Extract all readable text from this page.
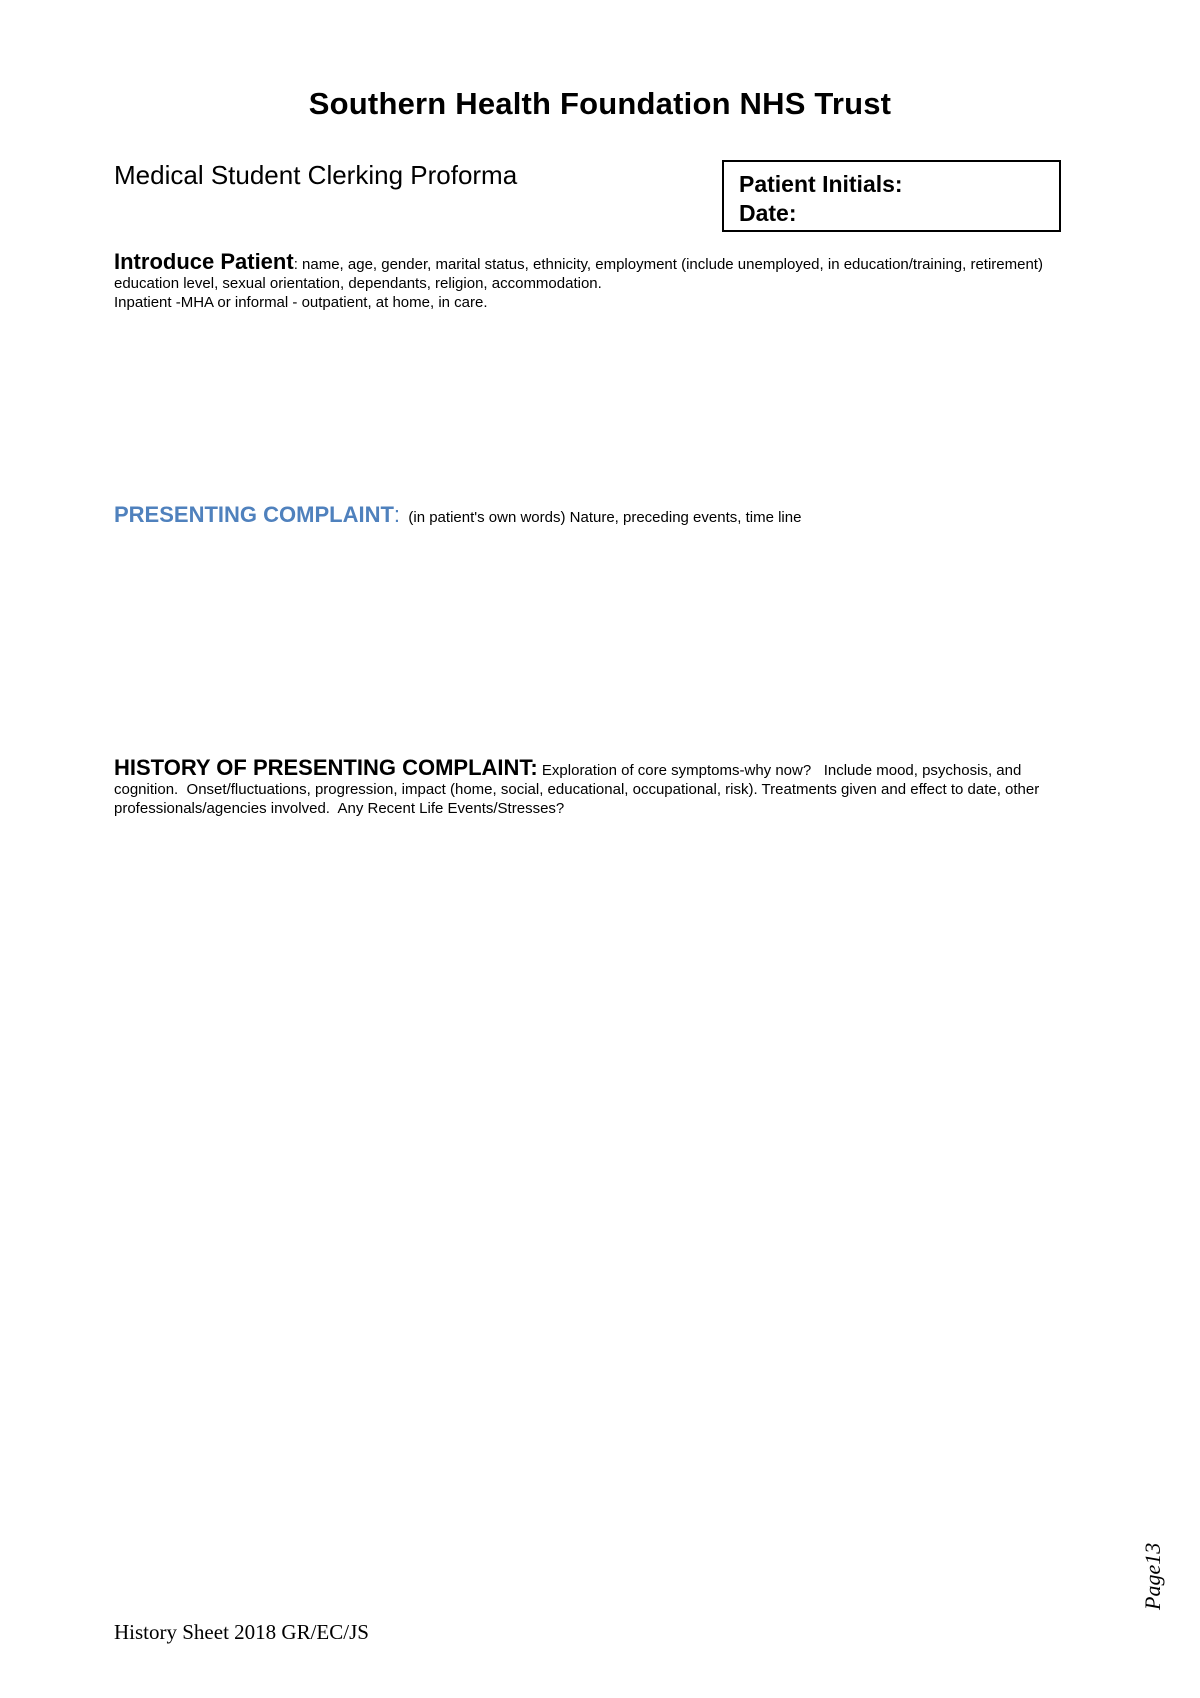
Southern Health Foundation NHS Trust
Medical Student Clerking Proforma	Patient Initials:
Date:
Introduce Patient: name, age, gender, marital status, ethnicity, employment (include unemployed, in education/training, retirement) education level, sexual orientation, dependants, religion, accommodation.
Inpatient -MHA or informal - outpatient, at home, in care.
PRESENTING COMPLAINT: (in patient's own words) Nature, preceding events, time line
HISTORY OF PRESENTING COMPLAINT: Exploration of core symptoms-why now?   Include mood, psychosis, and cognition.  Onset/fluctuations, progression, impact (home, social, educational, occupational, risk). Treatments given and effect to date, other        professionals/agencies involved.  Any Recent Life Events/Stresses?
History Sheet 2018 GR/EC/JS
Page13
